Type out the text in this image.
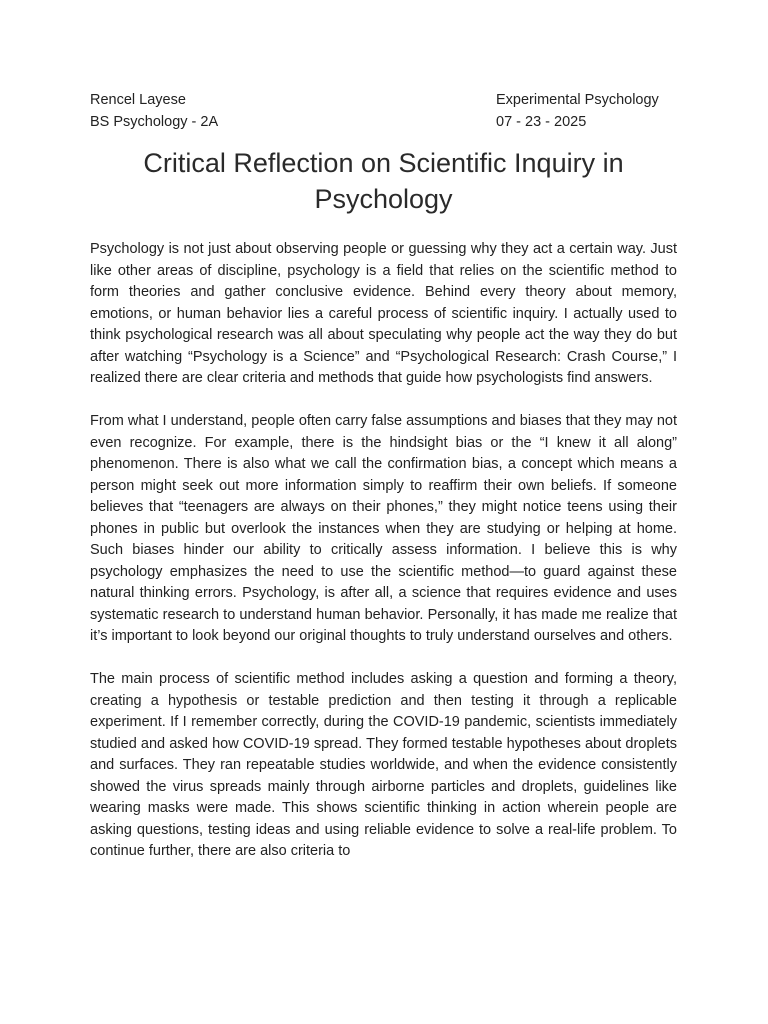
Rencel Layese
BS Psychology - 2A
Experimental Psychology
07 - 23 - 2025
Critical Reflection on Scientific Inquiry in Psychology

Psychology is not just about observing people or guessing why they act a certain way. Just like other areas of discipline, psychology is a field that relies on the scientific method to form theories and gather conclusive evidence. Behind every theory about memory, emotions, or human behavior lies a careful process of scientific inquiry. I actually used to think psychological research was all about speculating why people act the way they do but after watching “Psychology is a Science” and “Psychological Research: Crash Course,” I realized there are clear criteria and methods that guide how psychologists find answers.

From what I understand, people often carry false assumptions and biases that they may not even recognize. For example, there is the hindsight bias or the “I knew it all along” phenomenon. There is also what we call the confirmation bias, a concept which means a person might seek out more information simply to reaffirm their own beliefs. If someone believes that “teenagers are always on their phones,” they might notice teens using their phones in public but overlook the instances when they are studying or helping at home. Such biases hinder our ability to critically assess information. I believe this is why psychology emphasizes the need to use the scientific method—to guard against these natural thinking errors. Psychology, is after all, a science that requires evidence and uses systematic research to understand human behavior. Personally, it has made me realize that it’s important to look beyond our original thoughts to truly understand ourselves and others.

The main process of scientific method includes asking a question and forming a theory, creating a hypothesis or testable prediction and then testing it through a replicable experiment. If I remember correctly, during the COVID-19 pandemic, scientists immediately studied and asked how COVID-19 spread. They formed testable hypotheses about droplets and surfaces. They ran repeatable studies worldwide, and when the evidence consistently showed the virus spreads mainly through airborne particles and droplets, guidelines like wearing masks were made. This shows scientific thinking in action wherein people are asking questions, testing ideas and using reliable evidence to solve a real-life problem. To continue further, there are also criteria to
